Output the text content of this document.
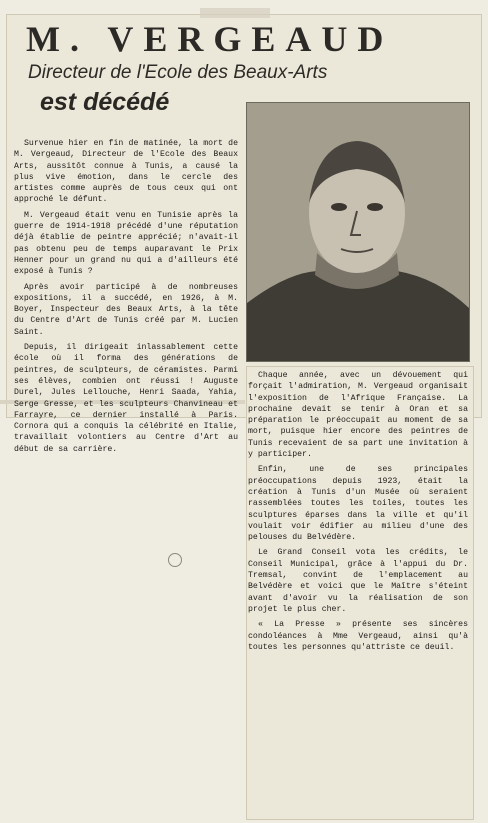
M. VERGEAUD
Directeur de l'Ecole des Beaux-Arts
est décédé

Survenue hier en fin de matinée, la mort de M. Vergeaud, Directeur de l'Ecole des Beaux Arts, aussitôt connue à Tunis, a causé la plus vive émotion, dans le cercle des artistes comme auprès de tous ceux qui ont approché le défunt.

M. Vergeaud était venu en Tunisie après la guerre de 1914-1918 précédé d'une réputation déjà établie de peintre apprécié; n'avait-il pas obtenu peu de temps auparavant le Prix Henner pour un grand nu qui a d'ailleurs été exposé à Tunis ?

Après avoir participé à de nombreuses expositions, il a succédé, en 1926, à M. Boyer, Inspecteur des Beaux Arts, à la tête du Centre d'Art de Tunis créé par M. Lucien Saint.

Depuis, il dirigeait inlassablement cette école où il forma des générations de peintres, de sculpteurs, de céramistes. Parmi ses élèves, combien ont réussi ! Auguste Durel, Jules Lellouche, Henri Saada, Yahia, Serge Gresse, et les sculpteurs Chanvineau et Farrayre, ce dernier installé à Paris. Cornora qui a conquis la célébrité en Italie, travaillait volontiers au Centre d'Art au début de sa carrière.

Chaque année, avec un dévouement qui forçait l'admiration, M. Vergeaud organisait l'exposition de l'Afrique Française. La prochaine devait se tenir à Oran et sa préparation le préoccupait au moment de sa mort, puisque hier encore des peintres de Tunis recevaient de sa part une invitation à y participer.

Enfin, une de ses principales préoccupations depuis 1923, était la création à Tunis d'un Musée où seraient rassemblées toutes les toiles, toutes les sculptures éparses dans la ville et qu'il voulait voir édifier au milieu d'une des pelouses du Belvédère.

Le Grand Conseil vota les crédits, le Conseil Municipal, grâce à l'appui du Dr. Tremsal, convint de l'emplacement au Belvédère et voici que le Maître s'éteint avant d'avoir vu la réalisation de son projet le plus cher.

« La Presse » présente ses sincères condoléances à Mme Vergeaud, ainsi qu'à toutes les personnes qu'attriste ce deuil.
